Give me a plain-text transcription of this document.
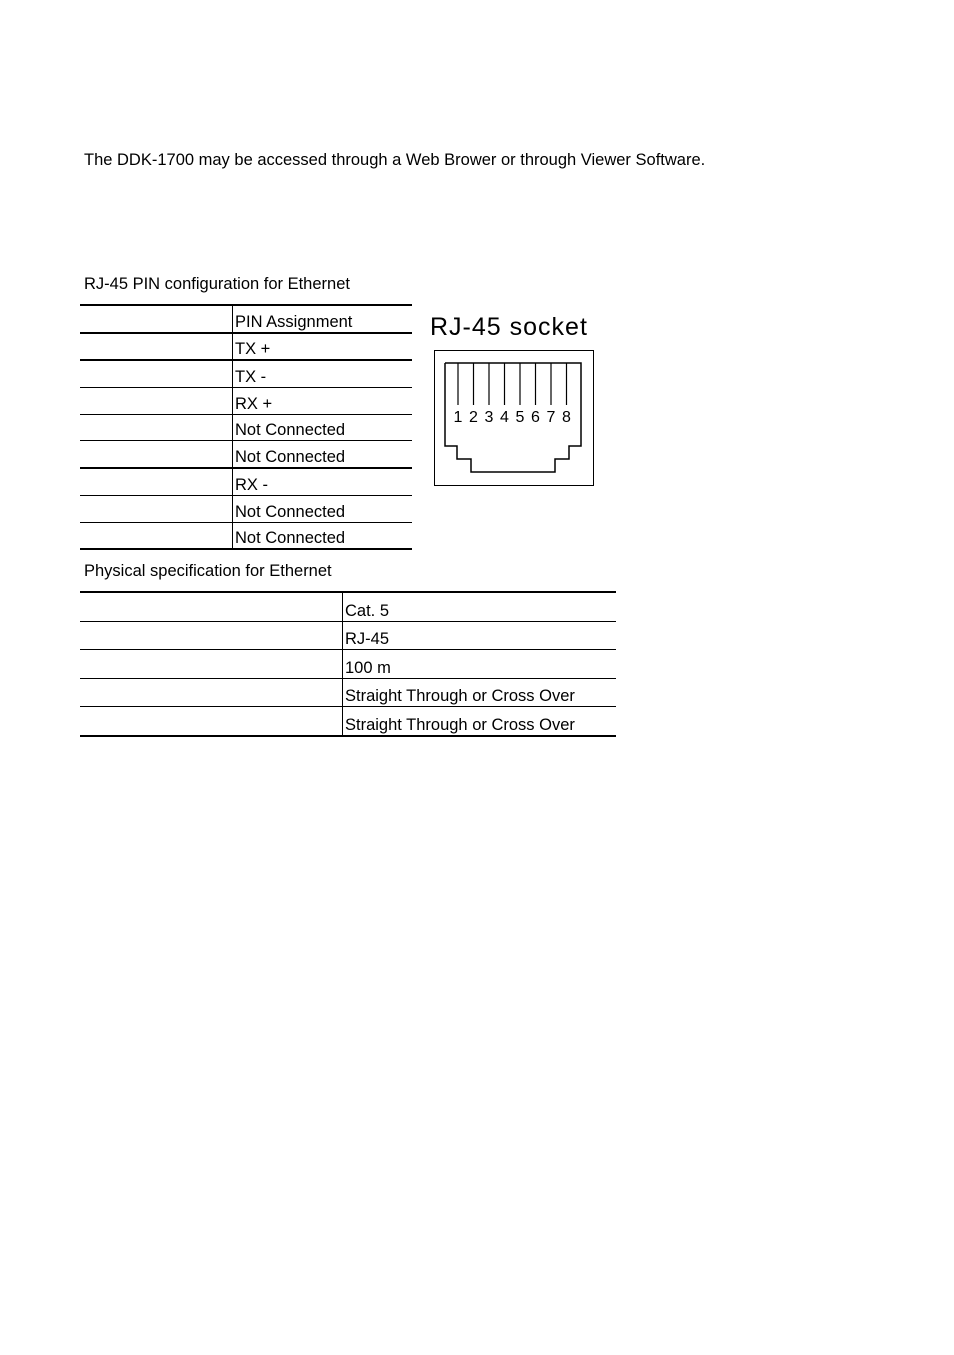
The DDK-1700 may be accessed through a Web Brower or through Viewer Software.
RJ-45 PIN configuration for Ethernet
	PIN Assignment
	TX +
	TX -
	RX +
	Not Connected
	Not Connected
	RX -
	Not Connected
	Not Connected
RJ-45 socket
1 2 3 4 5 6 7 8
Physical specification for Ethernet
	Cat. 5
	RJ-45
	100 m
	Straight Through or Cross Over
	Straight Through or Cross Over
